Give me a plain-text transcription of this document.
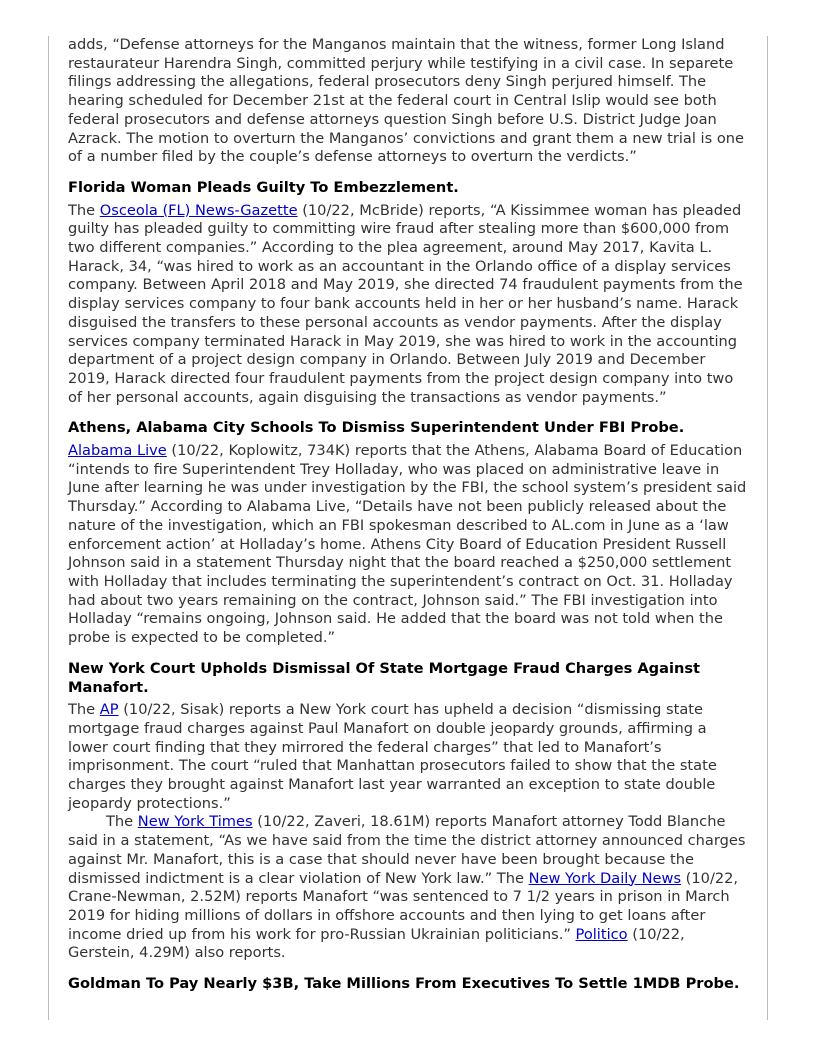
adds, “Defense attorneys for the Manganos maintain that the witness, former Long Island restaurateur Harendra Singh, committed perjury while testifying in a civil case. In separete filings addressing the allegations, federal prosecutors deny Singh perjured himself. The hearing scheduled for December 21st at the federal court in Central Islip would see both federal prosecutors and defense attorneys question Singh before U.S. District Judge Joan Azrack. The motion to overturn the Manganos’ convictions and grant them a new trial is one of a number filed by the couple’s defense attorneys to overturn the verdicts.”

Florida Woman Pleads Guilty To Embezzlement.

The Osceola (FL) News-Gazette (10/22, McBride) reports, “A Kissimmee woman has pleaded guilty has pleaded guilty to committing wire fraud after stealing more than $600,000 from two different companies.” According to the plea agreement, around May 2017, Kavita L. Harack, 34, “was hired to work as an accountant in the Orlando office of a display services company. Between April 2018 and May 2019, she directed 74 fraudulent payments from the display services company to four bank accounts held in her or her husband’s name. Harack disguised the transfers to these personal accounts as vendor payments. After the display services company terminated Harack in May 2019, she was hired to work in the accounting department of a project design company in Orlando. Between July 2019 and December 2019, Harack directed four fraudulent payments from the project design company into two of her personal accounts, again disguising the transactions as vendor payments.”

Athens, Alabama City Schools To Dismiss Superintendent Under FBI Probe.

Alabama Live (10/22, Koplowitz, 734K) reports that the Athens, Alabama Board of Education “intends to fire Superintendent Trey Holladay, who was placed on administrative leave in June after learning he was under investigation by the FBI, the school system’s president said Thursday.” According to Alabama Live, “Details have not been publicly released about the nature of the investigation, which an FBI spokesman described to AL.com in June as a ‘law enforcement action’ at Holladay’s home. Athens City Board of Education President Russell Johnson said in a statement Thursday night that the board reached a $250,000 settlement with Holladay that includes terminating the superintendent’s contract on Oct. 31. Holladay had about two years remaining on the contract, Johnson said.” The FBI investigation into Holladay “remains ongoing, Johnson said. He added that the board was not told when the probe is expected to be completed.”

New York Court Upholds Dismissal Of State Mortgage Fraud Charges Against Manafort.

The AP (10/22, Sisak) reports a New York court has upheld a decision “dismissing state mortgage fraud charges against Paul Manafort on double jeopardy grounds, affirming a lower court finding that they mirrored the federal charges” that led to Manafort’s imprisonment. The court “ruled that Manhattan prosecutors failed to show that the state charges they brought against Manafort last year warranted an exception to state double jeopardy protections.”

The New York Times (10/22, Zaveri, 18.61M) reports Manafort attorney Todd Blanche said in a statement, “As we have said from the time the district attorney announced charges against Mr. Manafort, this is a case that should never have been brought because the dismissed indictment is a clear violation of New York law.” The New York Daily News (10/22, Crane-Newman, 2.52M) reports Manafort “was sentenced to 7 1/2 years in prison in March 2019 for hiding millions of dollars in offshore accounts and then lying to get loans after income dried up from his work for pro-Russian Ukrainian politicians.” Politico (10/22, Gerstein, 4.29M) also reports.

Goldman To Pay Nearly $3B, Take Millions From Executives To Settle 1MDB Probe.
